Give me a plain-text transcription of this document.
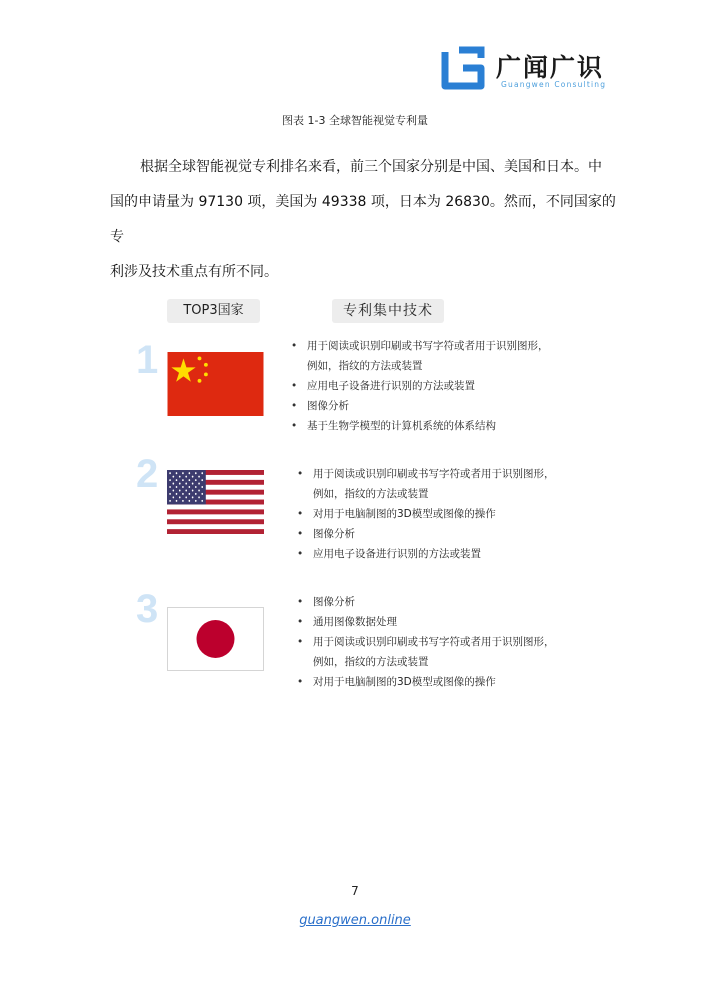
广闻广识
Guangwen Consulting
图表 1-3 全球智能视觉专利量

根据全球智能视觉专利排名来看，前三个国家分别是中国、美国和日本。中
国的申请量为 97130 项，美国为 49338 项，日本为 26830。然而，不同国家的专
利涉及技术重点有所不同。

TOP3国家	专利集中技术
1	• 用于阅读或识别印刷或书写字符或者用于识别图形，
例如，指纹的方法或装置
• 应用电子设备进行识别的方法或装置
• 图像分析
• 基于生物学模型的计算机系统的体系结构
2	• 用于阅读或识别印刷或书写字符或者用于识别图形，
例如，指纹的方法或装置
• 对用于电脑制图的3D模型或图像的操作
• 图像分析
• 应用电子设备进行识别的方法或装置
3	• 图像分析
• 通用图像数据处理
• 用于阅读或识别印刷或书写字符或者用于识别图形，
例如，指纹的方法或装置
• 对用于电脑制图的3D模型或图像的操作
7
guangwen.online
